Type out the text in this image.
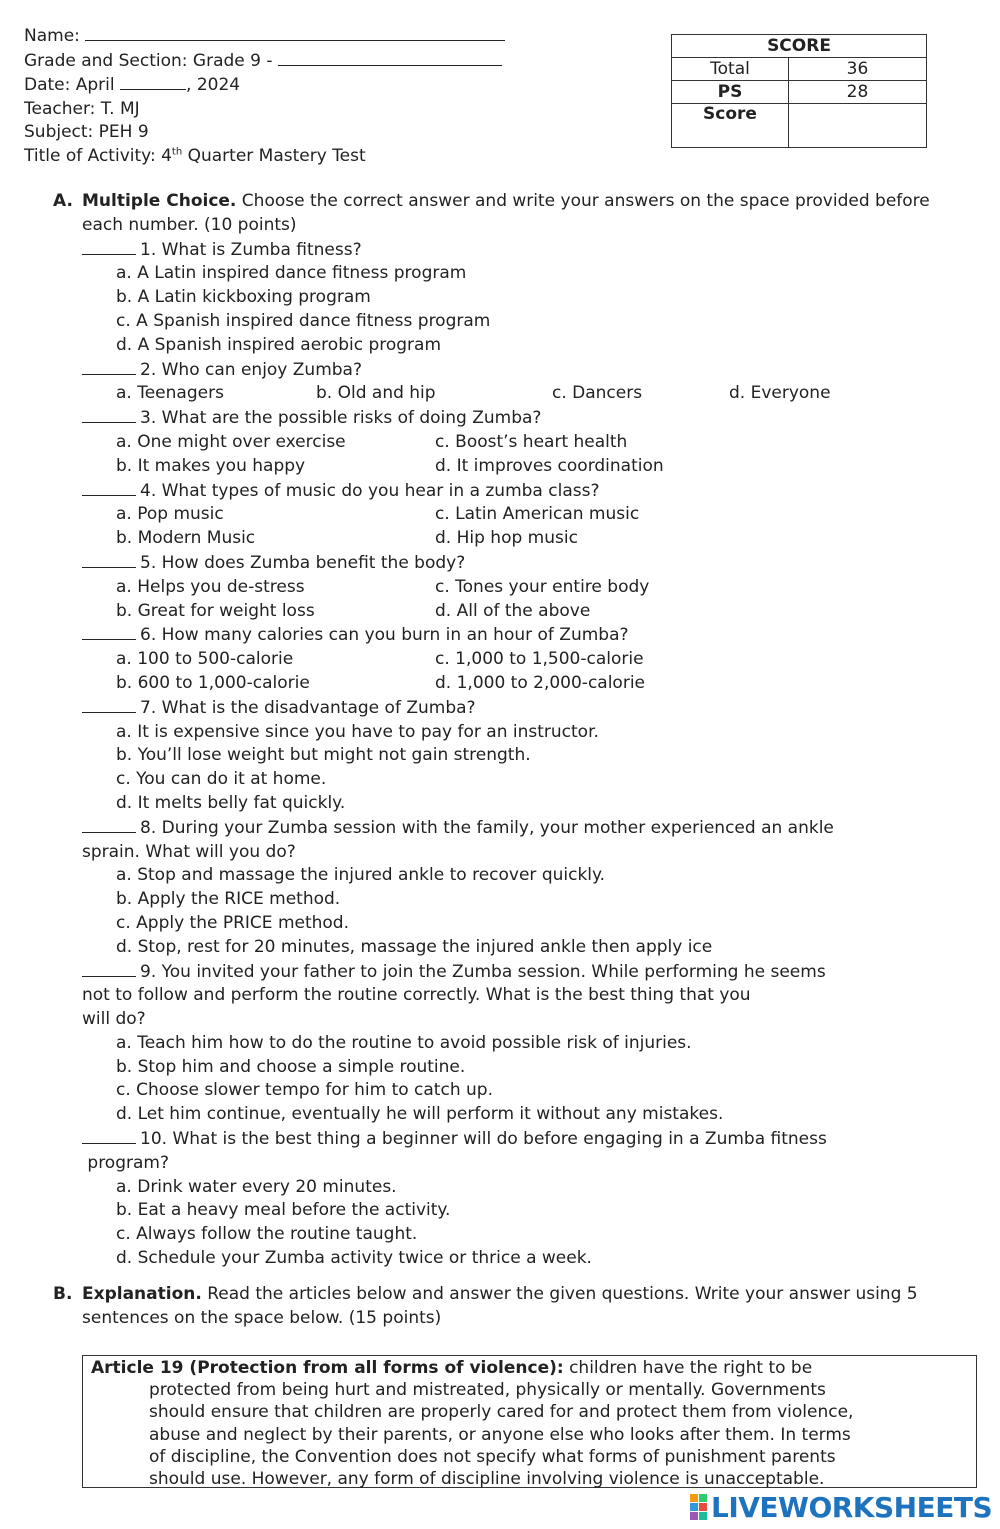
Name:
Grade and Section: Grade 9 -
Date: April	, 2024
Teacher: T. MJ
Subject: PEH 9
Title of Activity: 4th Quarter Mastery Test
SCORE	
Total	36
PS	28
Score	
A. Multiple Choice. Choose the correct answer and write your answers on the space provided before each number. (10 points)
1. What is Zumba fitness?
a. A Latin inspired dance fitness program
b. A Latin kickboxing program
c. A Spanish inspired dance fitness program
d. A Spanish inspired aerobic program
2. Who can enjoy Zumba?
a. Teenagers	b. Old and hip	c. Dancers	d. Everyone
3. What are the possible risks of doing Zumba?
a. One might over exercise	c. Boost’s heart health
b. It makes you happy	d. It improves coordination
4. What types of music do you hear in a zumba class?
a. Pop music	c. Latin American music
b. Modern Music	d. Hip hop music
5. How does Zumba benefit the body?
a. Helps you de-stress	c. Tones your entire body
b. Great for weight loss	d. All of the above
6. How many calories can you burn in an hour of Zumba?
a. 100 to 500-calorie	c. 1,000 to 1,500-calorie
b. 600 to 1,000-calorie	d. 1,000 to 2,000-calorie
7. What is the disadvantage of Zumba?
a. It is expensive since you have to pay for an instructor.
b. You’ll lose weight but might not gain strength.
c. You can do it at home.
d. It melts belly fat quickly.
8. During your Zumba session with the family, your mother experienced an ankle
sprain. What will you do?
a. Stop and massage the injured ankle to recover quickly.
b. Apply the RICE method.
c. Apply the PRICE method.
d. Stop, rest for 20 minutes, massage the injured ankle then apply ice
9. You invited your father to join the Zumba session. While performing he seems
not to follow and perform the routine correctly. What is the best thing that you
will do?
a. Teach him how to do the routine to avoid possible risk of injuries.
b. Stop him and choose a simple routine.
c. Choose slower tempo for him to catch up.
d. Let him continue, eventually he will perform it without any mistakes.
10. What is the best thing a beginner will do before engaging in a Zumba fitness
program?
a. Drink water every 20 minutes.
b. Eat a heavy meal before the activity.
c. Always follow the routine taught.
d. Schedule your Zumba activity twice or thrice a week.
B. Explanation. Read the articles below and answer the given questions. Write your answer using 5 sentences on the space below. (15 points)
Article 19 (Protection from all forms of violence): children have the right to be
protected from being hurt and mistreated, physically or mentally. Governments
should ensure that children are properly cared for and protect them from violence,
abuse and neglect by their parents, or anyone else who looks after them. In terms
of discipline, the Convention does not specify what forms of punishment parents
should use. However, any form of discipline involving violence is unacceptable.
LIVEWORKSHEETS
